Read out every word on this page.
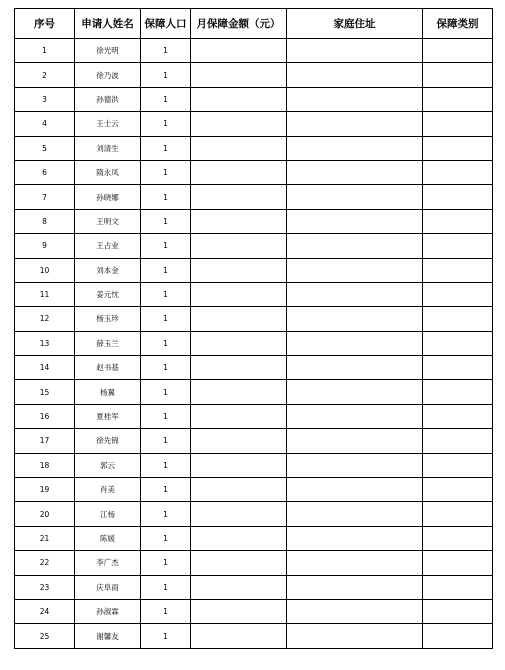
序号	申请人姓名	保障人口	月保障金额（元）	家庭住址	保障类别
1	徐光明	1			
2	徐乃波	1			
3	孙德洪	1			
4	王士云	1			
5	刘清生	1			
6	隋永凤	1			
7	孙晓娜	1			
8	王明文	1			
9	王占业	1			
10	刘本金	1			
11	姜元忱	1			
12	杨玉珍	1			
13	薛玉兰	1			
14	赵书基	1			
15	杨翼	1			
16	夏桂军	1			
17	徐先锦	1			
18	郭云	1			
19	肖美	1			
20	江杨	1			
21	陈媛	1			
22	李广杰	1			
23	庆阜雨	1			
24	孙淑霖	1			
25	谢馨友	1			
